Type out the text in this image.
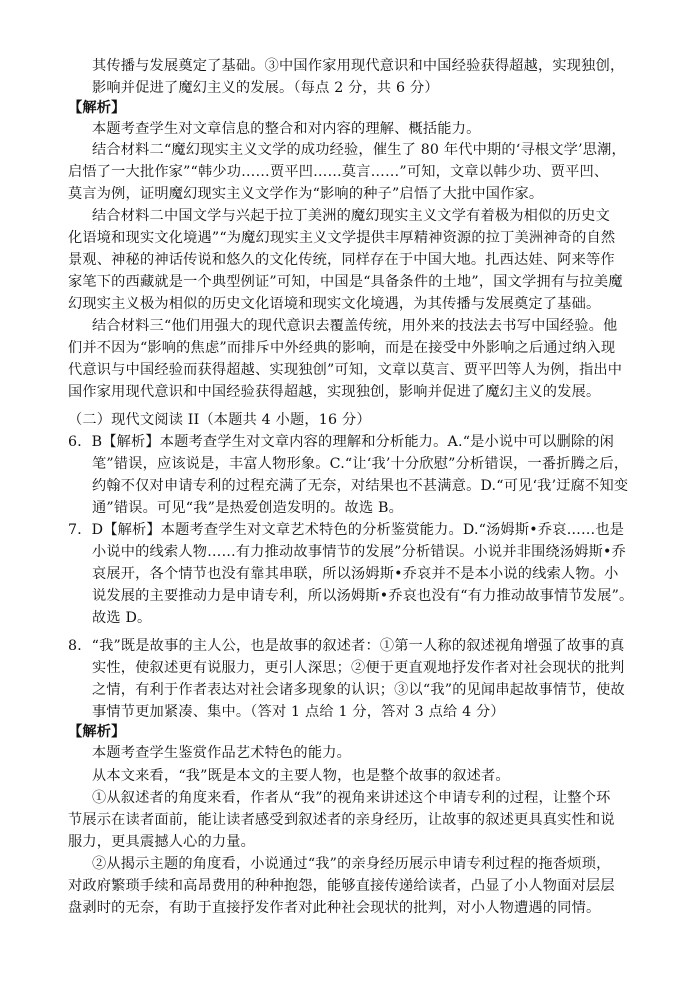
其传播与发展奠定了基础。③中国作家用现代意识和中国经验获得超越，实现独创，
影响并促进了魔幻主义的发展。（每点 2 分，共 6 分）
【解析】
本题考查学生对文章信息的整合和对内容的理解、概括能力。
结合材料二“魔幻现实主义文学的成功经验，催生了 80 年代中期的‘寻根文学’思潮，
启悟了一大批作家”“韩少功……贾平凹……莫言……”可知，文章以韩少功、贾平凹、
莫言为例，证明魔幻现实主义文学作为“影响的种子”启悟了大批中国作家。
结合材料二中国文学与兴起于拉丁美洲的魔幻现实主义文学有着极为相似的历史文
化语境和现实文化境遇”“为魔幻现实主义文学提供丰厚精神资源的拉丁美洲神奇的自然
景观、神秘的神话传说和悠久的文化传统，同样存在于中国大地。扎西达娃、阿来等作
家笔下的西藏就是一个典型例证”可知，中国是“具备条件的土地”，国文学拥有与拉美魔
幻现实主义极为相似的历史文化语境和现实文化境遇，为其传播与发展奠定了基础。
结合材料三“他们用强大的现代意识去覆盖传统，用外来的技法去书写中国经验。他
们并不因为“影响的焦虑”而排斥中外经典的影响，而是在接受中外影响之后通过纳入现
代意识与中国经验而获得超越、实现独创”可知，文章以莫言、贾平凹等人为例，指出中
国作家用现代意识和中国经验获得超越，实现独创，影响并促进了魔幻主义的发展。
（二）现代文阅读 II（本题共 4 小题，16 分）
6．B【解析】本题考查学生对文章内容的理解和分析能力。A.“是小说中可以删除的闲
笔”错误，应该说是，丰富人物形象。C.“让‘我’十分欣慰”分析错误，一番折腾之后，
约翰不仅对申请专利的过程充满了无奈，对结果也不甚满意。D.“可见‘我’迂腐不知变
通”错误。可见“我”是热爱创造发明的。故选 B。
7．D【解析】本题考查学生对文章艺术特色的分析鉴赏能力。D.“汤姆斯•乔哀……也是
小说中的线索人物……有力推动故事情节的发展”分析错误。小说并非围绕汤姆斯•乔
哀展开，各个情节也没有靠其串联，所以汤姆斯•乔哀并不是本小说的线索人物。小
说发展的主要推动力是申请专利，所以汤姆斯•乔哀也没有“有力推动故事情节发展”。
故选 D。
8．“我”既是故事的主人公，也是故事的叙述者：①第一人称的叙述视角增强了故事的真
实性，使叙述更有说服力，更引人深思；②便于更直观地抒发作者对社会现状的批判
之情，有利于作者表达对社会诸多现象的认识；③以“我”的见闻串起故事情节，使故
事情节更加紧凑、集中。（答对 1 点给 1 分，答对 3 点给 4 分）
【解析】
本题考查学生鉴赏作品艺术特色的能力。
从本文来看，“我”既是本文的主要人物，也是整个故事的叙述者。
①从叙述者的角度来看，作者从“我”的视角来讲述这个申请专利的过程，让整个环
节展示在读者面前，能让读者感受到叙述者的亲身经历，让故事的叙述更具真实性和说
服力，更具震撼人心的力量。
②从揭示主题的角度看，小说通过“我”的亲身经历展示申请专利过程的拖沓烦琐，
对政府繁琐手续和高昂费用的种种抱怨，能够直接传递给读者，凸显了小人物面对层层
盘剥时的无奈，有助于直接抒发作者对此种社会现状的批判，对小人物遭遇的同情。
